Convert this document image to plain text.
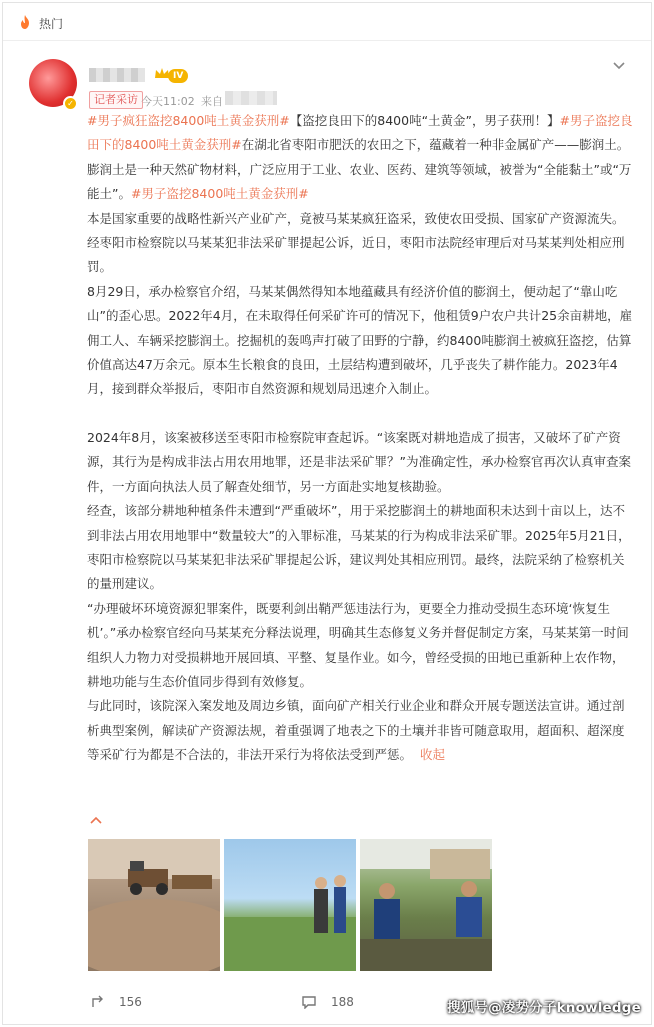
热门
✓
IV
记者采访 今天11:02 来自

#男子疯狂盗挖8400吨土黄金获刑#【盗挖良田下的8400吨“土黄金”，男子获刑！】#男子盗挖良田下的8400吨土黄金获刑#在湖北省枣阳市肥沃的农田之下，蕴藏着一种非金属矿产——膨润土。膨润土是一种天然矿物材料，广泛应用于工业、农业、医药、建筑等领域，被誉为“全能黏土”或“万能土”。#男子盗挖8400吨土黄金获刑#

本是国家重要的战略性新兴产业矿产，竟被马某某疯狂盗采，致使农田受损、国家矿产资源流失。经枣阳市检察院以马某某犯非法采矿罪提起公诉，近日，枣阳市法院经审理后对马某某判处相应刑罚。

8月29日，承办检察官介绍，马某某偶然得知本地蕴藏具有经济价值的膨润土，便动起了“靠山吃山”的歪心思。2022年4月，在未取得任何采矿许可的情况下，他租赁9户农户共计25余亩耕地，雇佣工人、车辆采挖膨润土。挖掘机的轰鸣声打破了田野的宁静，约8400吨膨润土被疯狂盗挖，估算价值高达47万余元。原本生长粮食的良田，土层结构遭到破坏，几乎丧失了耕作能力。2023年4月，接到群众举报后，枣阳市自然资源和规划局迅速介入制止。

2024年8月，该案被移送至枣阳市检察院审查起诉。“该案既对耕地造成了损害，又破坏了矿产资源，其行为是构成非法占用农用地罪，还是非法采矿罪？”为准确定性，承办检察官再次认真审查案件，一方面向执法人员了解查处细节，另一方面赴实地复核勘验。

经查，该部分耕地种植条件未遭到“严重破坏”，用于采挖膨润土的耕地面积未达到十亩以上，达不到非法占用农用地罪中“数量较大”的入罪标准，马某某的行为构成非法采矿罪。2025年5月21日，枣阳市检察院以马某某犯非法采矿罪提起公诉，建议判处其相应刑罚。最终，法院采纳了检察机关的量刑建议。

“办理破坏环境资源犯罪案件，既要利剑出鞘严惩违法行为，更要全力推动受损生态环境‘恢复生机’。”承办检察官经向马某某充分释法说理，明确其生态修复义务并督促制定方案，马某某第一时间组织人力物力对受损耕地开展回填、平整、复垦作业。如今，曾经受损的田地已重新种上农作物，耕地功能与生态价值同步得到有效修复。

与此同时，该院深入案发地及周边乡镇，面向矿产相关行业企业和群众开展专题送法宣讲。通过剖析典型案例，解读矿产资源法规，着重强调了地表之下的土壤并非皆可随意取用，超面积、超深度等采矿行为都是不合法的，非法开采行为将依法受到严惩。 收起

156	188	搜狐号@凌势分子knowledge
